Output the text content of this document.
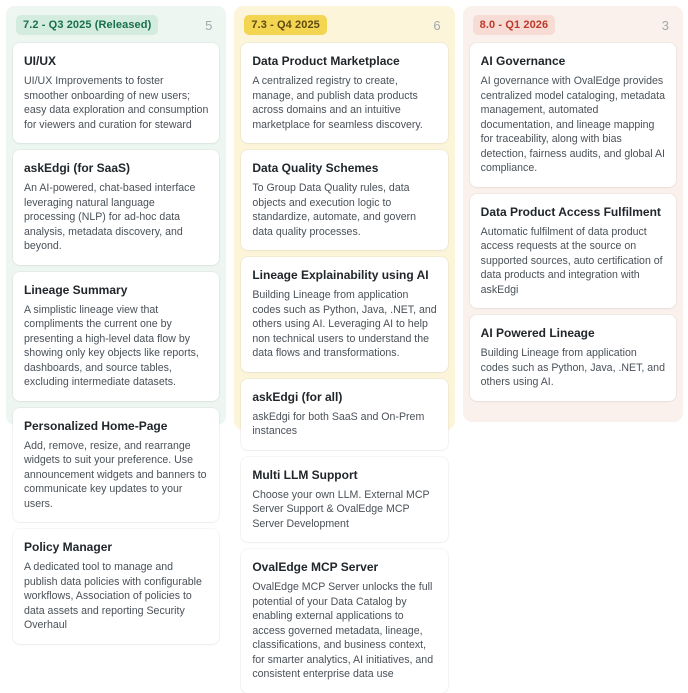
7.2 - Q3 2025 (Released)	5
UI/UX
UI/UX Improvements to foster smoother onboarding of new users; easy data exploration and consumption for viewers and curation for steward
askEdgi (for SaaS)
An AI-powered, chat-based interface leveraging natural language processing (NLP) for ad-hoc data analysis, metadata discovery, and beyond.
Lineage Summary
A simplistic lineage view that compliments the current one by presenting a high-level data flow by showing only key objects like reports, dashboards, and source tables, excluding intermediate datasets.
Personalized Home-Page
Add, remove, resize, and rearrange widgets to suit your preference. Use announcement widgets and banners to communicate key updates to your users.
Policy Manager
A dedicated tool to manage and publish data policies with configurable workflows, Association of policies to data assets and reporting Security Overhaul
7.3 - Q4 2025	6
Data Product Marketplace
A centralized registry to create, manage, and publish data products across domains and an intuitive marketplace for seamless discovery.
Data Quality Schemes
To Group Data Quality rules, data objects and execution logic to standardize, automate, and govern data quality processes.
Lineage Explainability using AI
Building Lineage from application codes such as Python, Java, .NET, and others using AI. Leveraging AI to help non technical users to understand the data flows and transformations.
askEdgi (for all)
askEdgi for both SaaS and On-Prem instances
Multi LLM Support
Choose your own LLM. External MCP Server Support & OvalEdge MCP Server Development
OvalEdge MCP Server
OvalEdge MCP Server unlocks the full potential of your Data Catalog by enabling external applications to access governed metadata, lineage, classifications, and business context, for smarter analytics, AI initiatives, and consistent enterprise data use
8.0 - Q1 2026	3
AI Governance
AI governance with OvalEdge provides centralized model cataloging, metadata management, automated documentation, and lineage mapping for traceability, along with bias detection, fairness audits, and global AI compliance.
Data Product Access Fulfilment
Automatic fulfilment of data product access requests at the source on supported sources, auto certification of data products and integration with askEdgi
AI Powered Lineage
Building Lineage from application codes such as Python, Java, .NET, and others using AI.
